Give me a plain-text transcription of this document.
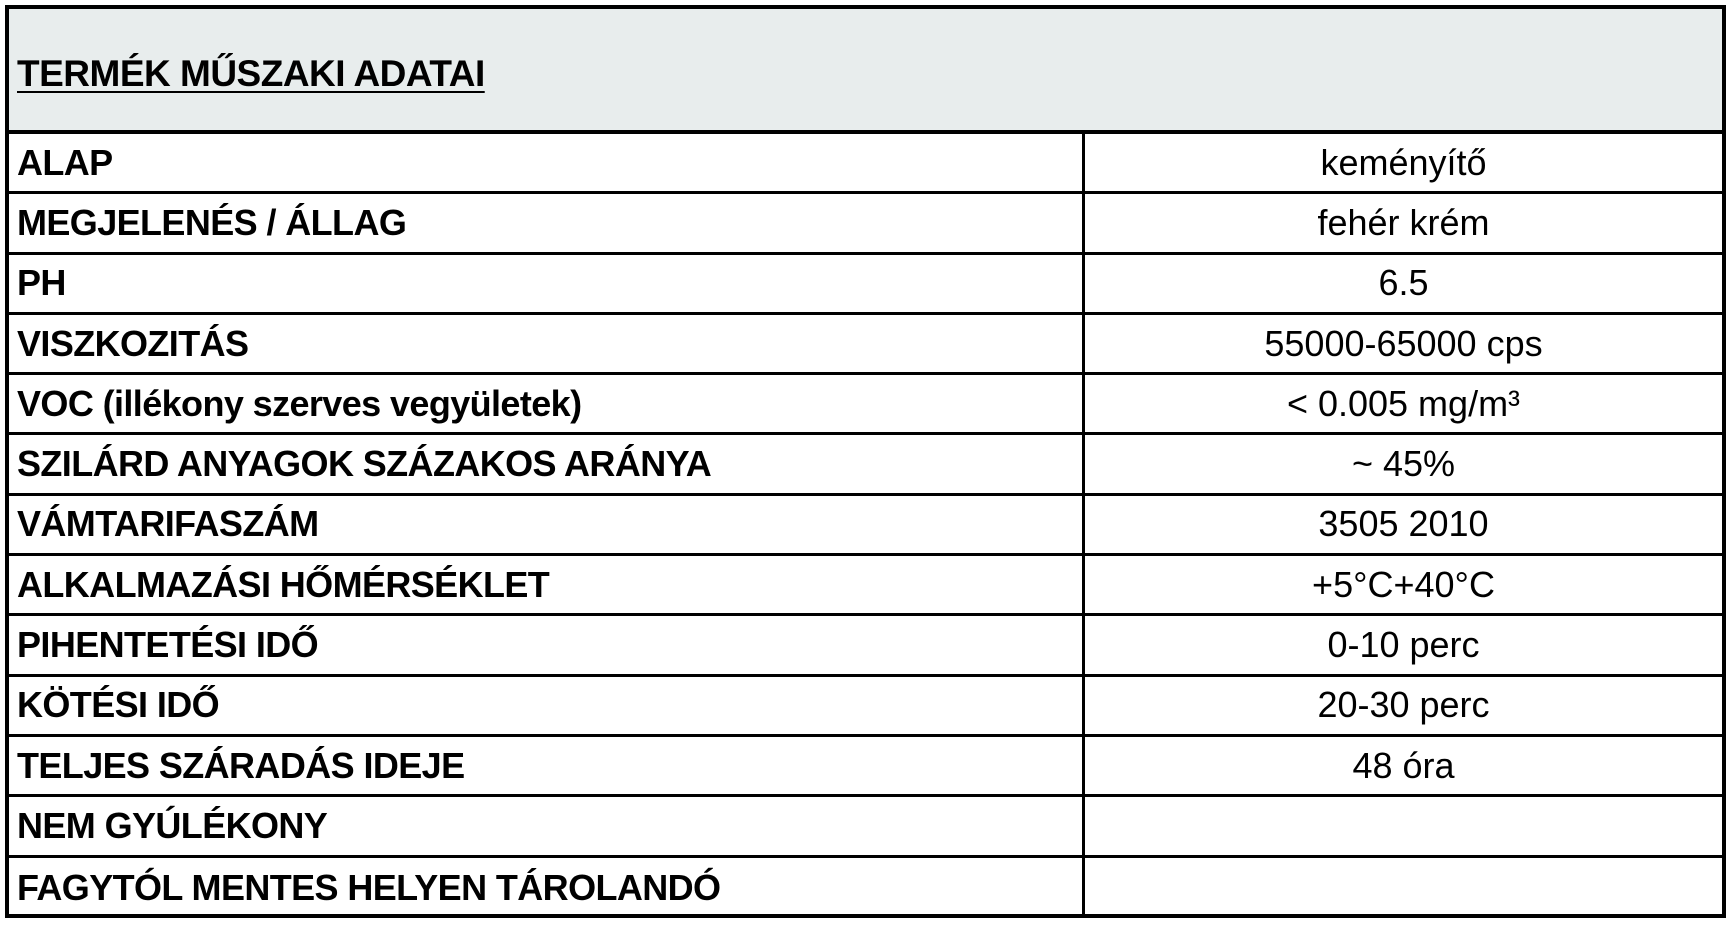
TERMÉK MŰSZAKI ADATAI
ALAP	keményítő
MEGJELENÉS / ÁLLAG	fehér krém
PH	6.5
VISZKOZITÁS	55000-65000 cps
VOC (illékony szerves vegyületek)	< 0.005 mg/m³
SZILÁRD ANYAGOK SZÁZAKOS ARÁNYA	~ 45%
VÁMTARIFASZÁM	3505 2010
ALKALMAZÁSI HŐMÉRSÉKLET	+5°C+40°C
PIHENTETÉSI IDŐ	0-10 perc
KÖTÉSI IDŐ	20-30 perc
TELJES SZÁRADÁS IDEJE	48 óra
NEM GYÚLÉKONY
FAGYTÓL MENTES HELYEN TÁROLANDÓ
